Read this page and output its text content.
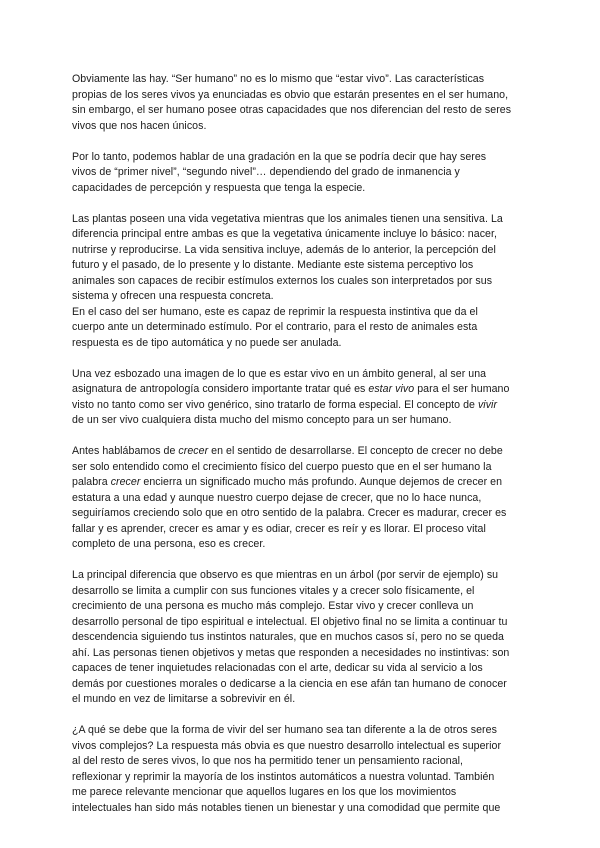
Obviamente las hay. “Ser humano” no es lo mismo que “estar vivo”. Las características
propias de los seres vivos ya enunciadas es obvio que estarán presentes en el ser humano,
sin embargo, el ser humano posee otras capacidades que nos diferencian del resto de seres
vivos que nos hacen únicos.

Por lo tanto, podemos hablar de una gradación en la que se podría decir que hay seres
vivos de “primer nivel”, “segundo nivel”… dependiendo del grado de inmanencia y
capacidades de percepción y respuesta que tenga la especie.

Las plantas poseen una vida vegetativa mientras que los animales tienen una sensitiva. La
diferencia principal entre ambas es que la vegetativa únicamente incluye lo básico: nacer,
nutrirse y reproducirse. La vida sensitiva incluye, además de lo anterior, la percepción del
futuro y el pasado, de lo presente y lo distante. Mediante este sistema perceptivo los
animales son capaces de recibir estímulos externos los cuales son interpretados por sus
sistema y ofrecen una respuesta concreta.

En el caso del ser humano, este es capaz de reprimir la respuesta instintiva que da el
cuerpo ante un determinado estímulo. Por el contrario, para el resto de animales esta
respuesta es de tipo automática y no puede ser anulada.

Una vez esbozado una imagen de lo que es estar vivo en un ámbito general, al ser una
asignatura de antropología considero importante tratar qué es estar vivo para el ser humano
visto no tanto como ser vivo genérico, sino tratarlo de forma especial. El concepto de vivir
de un ser vivo cualquiera dista mucho del mismo concepto para un ser humano.

Antes hablábamos de crecer en el sentido de desarrollarse. El concepto de crecer no debe
ser solo entendido como el crecimiento físico del cuerpo puesto que en el ser humano la
palabra crecer encierra un significado mucho más profundo. Aunque dejemos de crecer en
estatura a una edad y aunque nuestro cuerpo dejase de crecer, que no lo hace nunca,
seguiríamos creciendo solo que en otro sentido de la palabra. Crecer es madurar, crecer es
fallar y es aprender, crecer es amar y es odiar, crecer es reír y es llorar. El proceso vital
completo de una persona, eso es crecer.

La principal diferencia que observo es que mientras en un árbol (por servir de ejemplo) su
desarrollo se limita a cumplir con sus funciones vitales y a crecer solo físicamente, el
crecimiento de una persona es mucho más complejo. Estar vivo y crecer conlleva un
desarrollo personal de tipo espiritual e intelectual. El objetivo final no se limita a continuar tu
descendencia siguiendo tus instintos naturales, que en muchos casos sí, pero no se queda
ahí. Las personas tienen objetivos y metas que responden a necesidades no instintivas: son
capaces de tener inquietudes relacionadas con el arte, dedicar su vida al servicio a los
demás por cuestiones morales o dedicarse a la ciencia en ese afán tan humano de conocer
el mundo en vez de limitarse a sobrevivir en él.

¿A qué se debe que la forma de vivir del ser humano sea tan diferente a la de otros seres
vivos complejos? La respuesta más obvia es que nuestro desarrollo intelectual es superior
al del resto de seres vivos, lo que nos ha permitido tener un pensamiento racional,
reflexionar y reprimir la mayoría de los instintos automáticos a nuestra voluntad. También
me parece relevante mencionar que aquellos lugares en los que los movimientos
intelectuales han sido más notables tienen un bienestar y una comodidad que permite que
